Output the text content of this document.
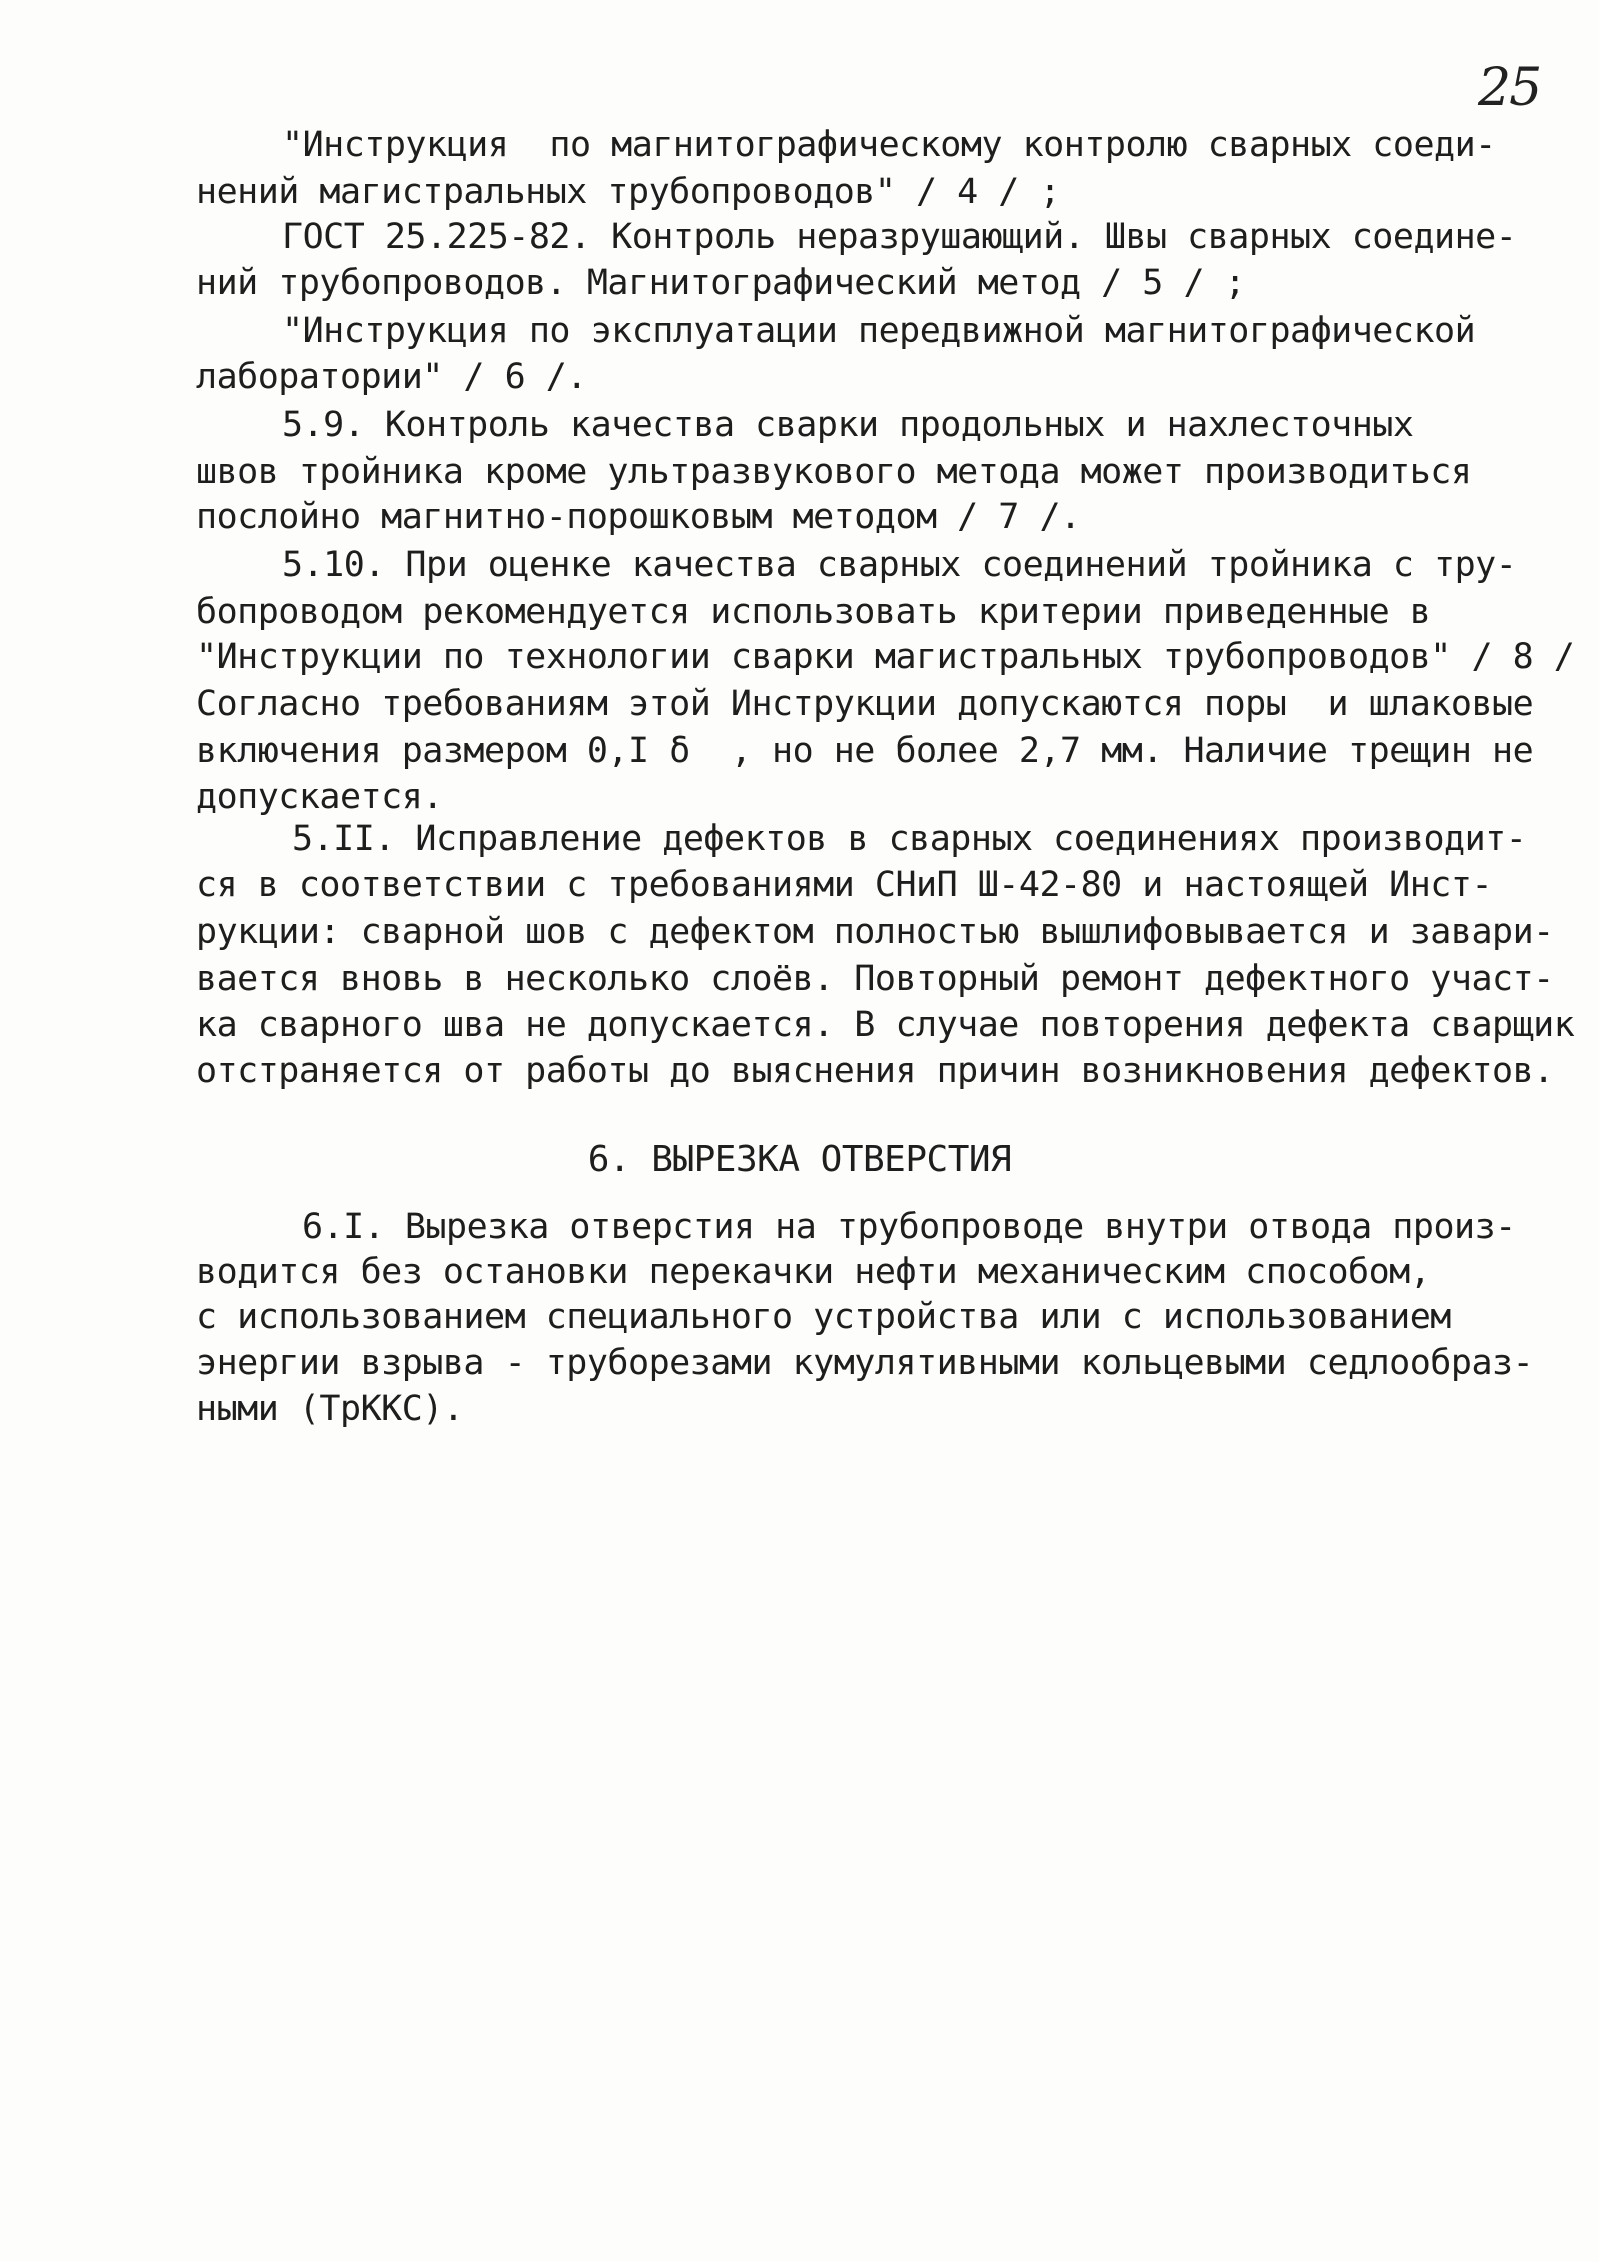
25
"Инструкция  по магнитографическому контролю сварных соеди-
нений магистральных трубопроводов" / 4 / ;
ГОСТ 25.225-82. Контроль неразрушающий. Швы сварных соедине-
ний трубопроводов. Магнитографический метод / 5 / ;
"Инструкция по эксплуатации передвижной магнитографической
лаборатории" / 6 /.
5.9. Контроль качества сварки продольных и нахлесточных
швов тройника кроме ультразвукового метода может производиться
послойно магнитно-порошковым методом / 7 /.
5.10. При оценке качества сварных соединений тройника с тру-
бопроводом рекомендуется использовать критерии приведенные в
"Инструкции по технологии сварки магистральных трубопроводов" / 8 /
Согласно требованиям этой Инструкции допускаются поры  и шлаковые
включения размером 0,I δ  , но не более 2,7 мм. Наличие трещин не
допускается.
5.II. Исправление дефектов в сварных соединениях производит-
ся в соответствии с требованиями СНиП Ш-42-80 и настоящей Инст-
рукции: сварной шов с дефектом полностью вышлифовывается и завари-
вается вновь в несколько слоёв. Повторный ремонт дефектного участ-
ка сварного шва не допускается. В случае повторения дефекта сварщик
отстраняется от работы до выяснения причин возникновения дефектов.
6. ВЫРЕЗКА ОТВЕРСТИЯ
6.I. Вырезка отверстия на трубопроводе внутри отвода произ-
водится без остановки перекачки нефти механическим способом,
с использованием специального устройства или с использованием
энергии взрыва - труборезами кумулятивными кольцевыми седлообраз-
ными (ТрККС).
